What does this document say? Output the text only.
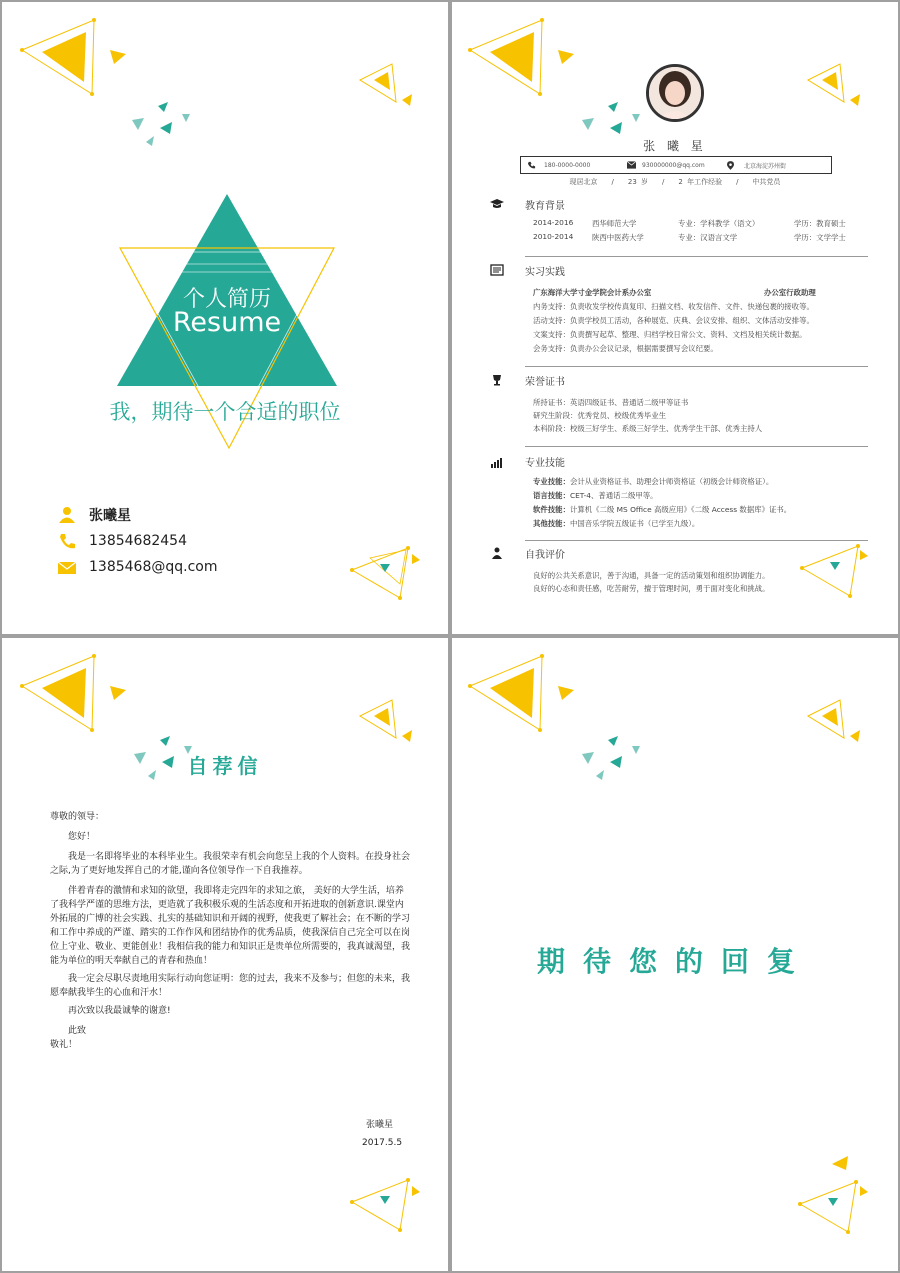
个人简历
Resume
我，期待一个合适的职位
张曦星
13854682454
1385468@qq.com
张 曦 星
180-0000-0000	930000000@qq.com	北京海淀苏州街
现居北京　　/　　23 岁　　/　　2 年工作经验　　/　　中共党员
教育背景
2014-2016	西华师范大学	专业：学科教学（语文）	学历：教育硕士
2010-2014	陕西中医药大学	专业：汉语言文学	学历：文学学士
实习实践
广东海洋大学寸金学院会计系办公室	办公室行政助理
内务支持：负责收发学校传真复印、扫描文档、收发信件、文件、快递包裹的接收等。
活动支持：负责学校员工活动，各种展览、庆典、会议安排、组织、文体活动安排等。
文案支持：负责撰写起草、整理、归档学校日常公文、资料、文档及相关统计数据。
会务支持：负责办公会议记录，根据需要撰写会议纪要。
荣誉证书
所持证书：英语四级证书、普通话二级甲等证书
研究生阶段：优秀党员、校级优秀毕业生
本科阶段：校级三好学生、系级三好学生、优秀学生干部、优秀主持人
专业技能
专业技能：会计从业资格证书、助理会计师资格证（初级会计师资格证）。
语言技能：CET-4、普通话二级甲等。
软件技能：计算机《二级 MS Office 高级应用》《二级 Access 数据库》证书。
其他技能：中国音乐学院五级证书（已学至九级）。
自我评价
良好的公共关系意识，善于沟通，具备一定的活动策划和组织协调能力。
良好的心态和责任感，吃苦耐劳，擅于管理时间，勇于面对变化和挑战。
自荐信
尊敬的领导：
您好！
我是一名即将毕业的本科毕业生。我很荣幸有机会向您呈上我的个人资料。在投身社会之际,为了更好地发挥自己的才能,谨向各位领导作一下自我推荐。
伴着青春的激情和求知的欲望，我即将走完四年的求知之旅， 美好的大学生活，培养了我科学严谨的思维方法，更造就了我积极乐观的生活态度和开拓进取的创新意识.课堂内外拓展的广博的社会实践、扎实的基础知识和开阔的视野，使我更了解社会；在不断的学习和工作中养成的严谨、踏实的工作作风和团结协作的优秀品质，使我深信自己完全可以在岗位上守业、敬业、更能创业！我相信我的能力和知识正是贵单位所需要的，我真诚渴望，我能为单位的明天奉献自己的青春和热血！
我一定会尽职尽责地用实际行动向您证明：您的过去，我来不及参与；但您的未来，我愿奉献我毕生的心血和汗水！
再次致以我最诚挚的谢意!
此致
敬礼！
张曦星
2017.5.5
期待您的回复
